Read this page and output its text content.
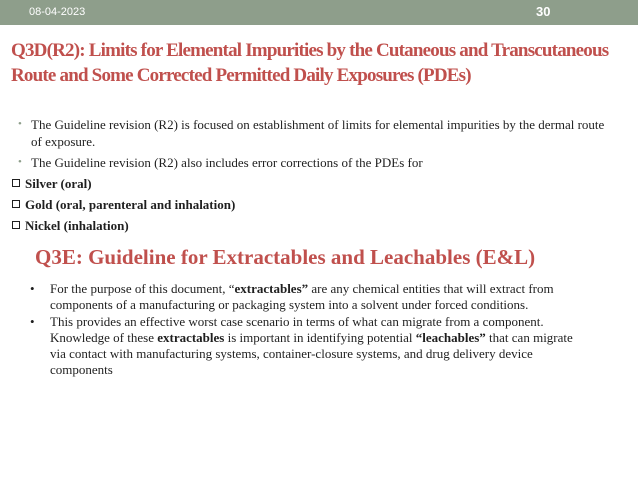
08-04-2023	30
Q3D(R2): Limits for Elemental Impurities by the Cutaneous and Transcutaneous Route and Some Corrected Permitted Daily Exposures (PDEs)
• The Guideline revision (R2) is focused on establishment of limits for elemental impurities by the dermal route of exposure.
• The Guideline revision (R2) also includes error corrections of the PDEs for
Silver (oral)
Gold (oral, parenteral and inhalation)
Nickel (inhalation)
Q3E: Guideline for Extractables and Leachables (E&L)
• For the purpose of this document, “extractables” are any chemical entities that will extract from components of a manufacturing or packaging system into a solvent under forced conditions.
• This provides an effective worst case scenario in terms of what can migrate from a component. Knowledge of these extractables is important in identifying potential “leachables” that can migrate via contact with manufacturing systems, container-closure systems, and drug delivery device components
